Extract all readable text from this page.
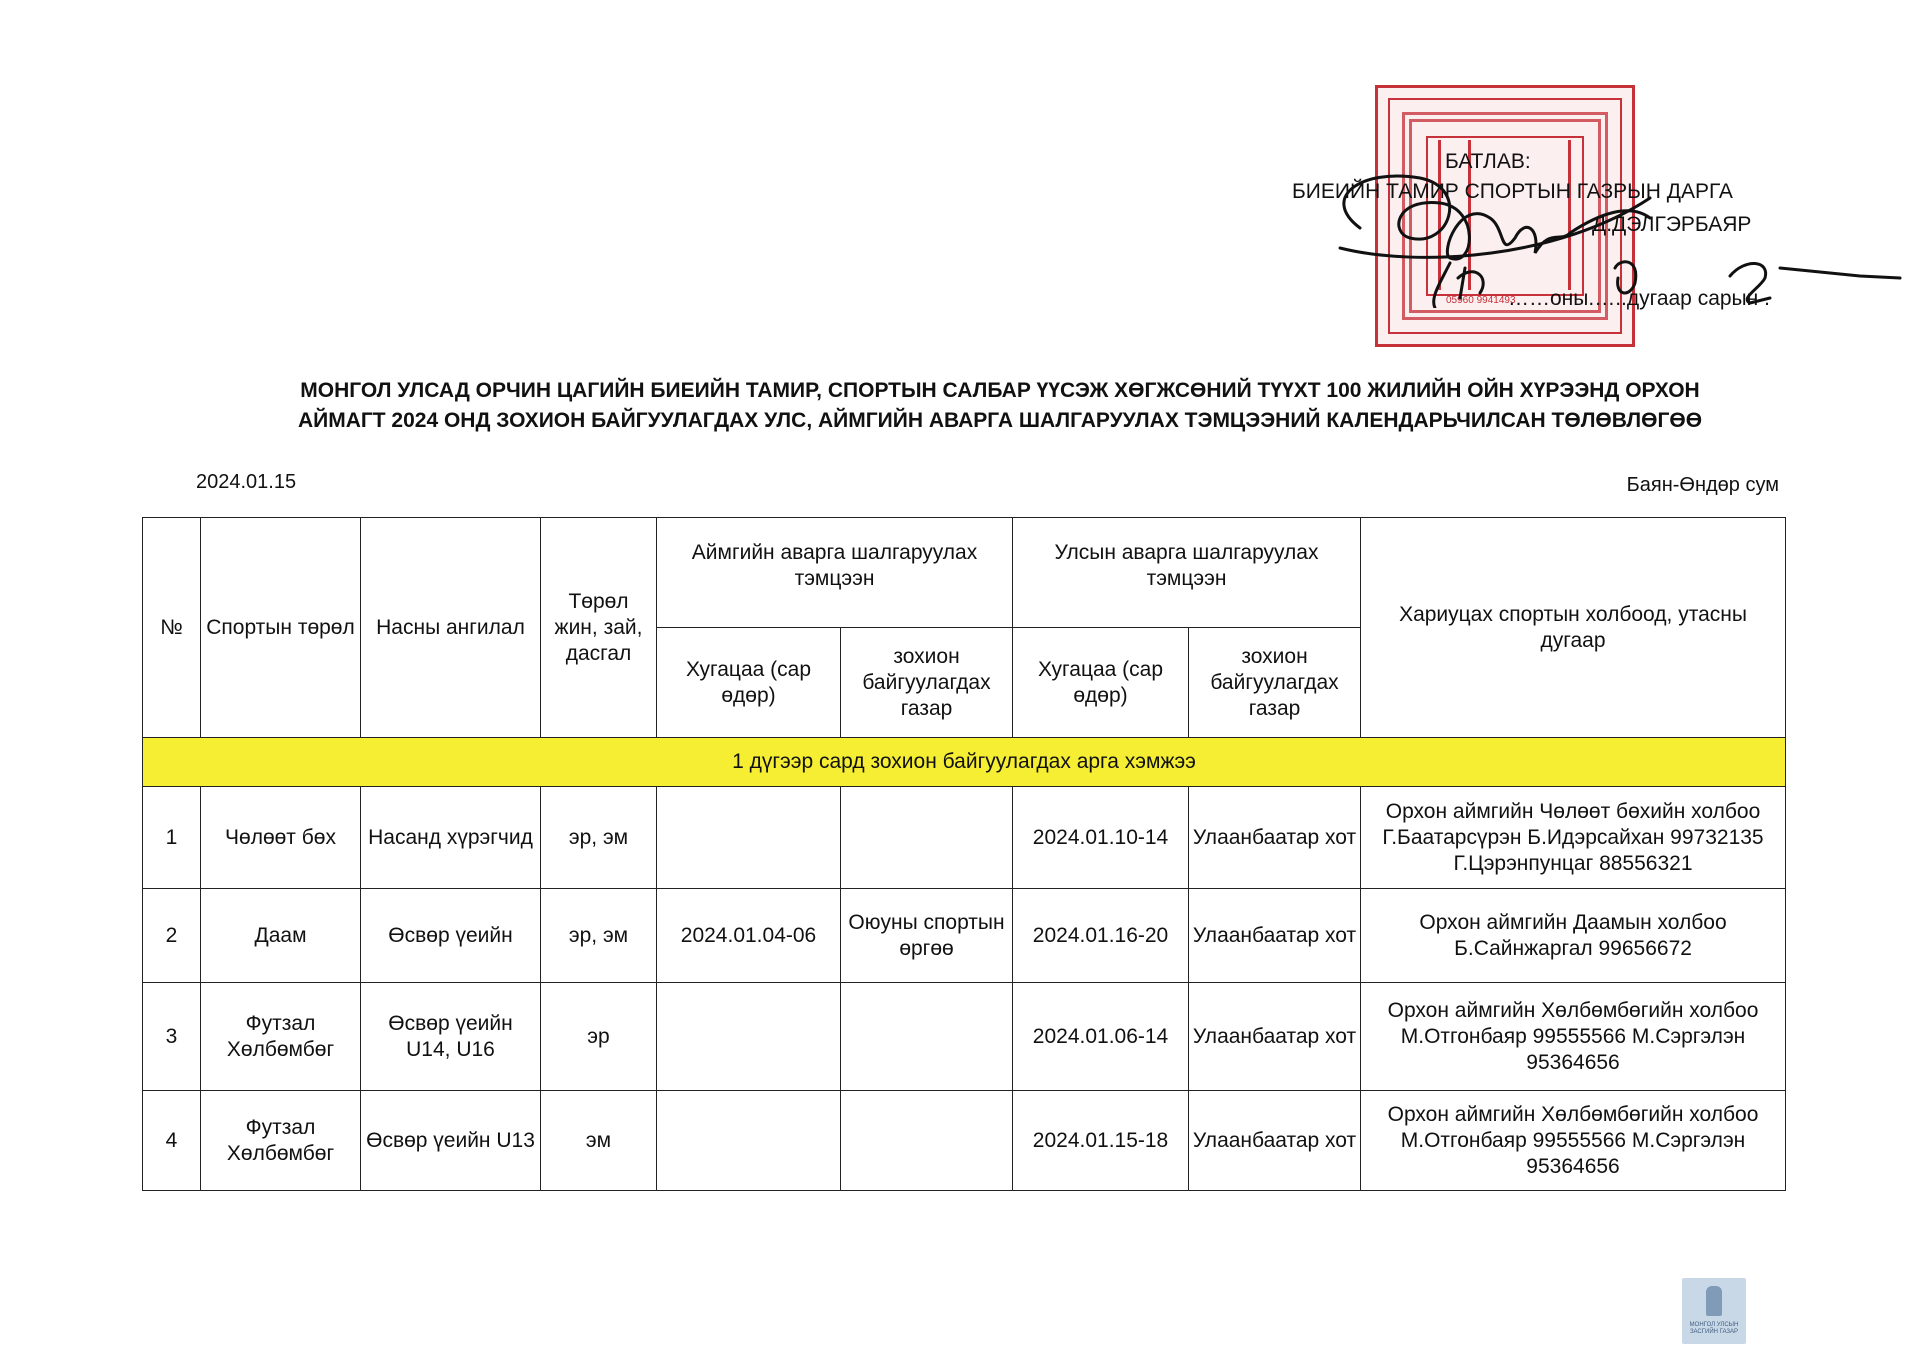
05960 9941493
БАТЛАВ:
БИЕИЙН ТАМИР СПОРТЫН ГАЗРЫН ДАРГА
Д.ДЭЛГЭРБАЯР
……оны.…..дугаар сарын .
МОНГОЛ УЛСАД ОРЧИН ЦАГИЙН БИЕИЙН ТАМИР, СПОРТЫН САЛБАР ҮҮСЭЖ ХӨГЖСӨНИЙ ТҮҮХТ 100 ЖИЛИЙН ОЙН ХҮРЭЭНД ОРХОН
АЙМАГТ 2024 ОНД ЗОХИОН БАЙГУУЛАГДАХ УЛС, АЙМГИЙН АВАРГА ШАЛГАРУУЛАХ ТЭМЦЭЭНИЙ КАЛЕНДАРЬЧИЛСАН ТӨЛӨВЛӨГӨӨ
2024.01.15	Баян-Өндөр сум
№	Спортын төрөл	Насны ангилал	Төрөл жин, зай, дасгал	Аймгийн аварга шалгаруулах тэмцээн		Улсын аварга шалгаруулах тэмцээн		Хариуцах спортын холбоод, утасны дугаар
				Хугацаа (сар өдөр)	зохион байгуулагдах газар	Хугацаа (сар өдөр)	зохион байгуулагдах газар	
1 дүгээр сард зохион байгуулагдах арга хэмжээ								
1	Чөлөөт бөх	Насанд хүрэгчид	эр, эм			2024.01.10-14	Улаанбаатар хот	Орхон аймгийн Чөлөөт бөхийн холбоо Г.Баатарсүрэн Б.Идэрсайхан 99732135 Г.Цэрэнпунцаг 88556321
2	Даам	Өсвөр үеийн	эр, эм	2024.01.04-06	Оюуны спортын өргөө	2024.01.16-20	Улаанбаатар хот	Орхон аймгийн Даамын холбоо Б.Сайнжаргал 99656672
3	Футзал Хөлбөмбөг	Өсвөр үеийн U14, U16	эр			2024.01.06-14	Улаанбаатар хот	Орхон аймгийн Хөлбөмбөгийн холбоо М.Отгонбаяр 99555566 М.Сэргэлэн 95364656
4	Футзал Хөлбөмбөг	Өсвөр үеийн U13	эм			2024.01.15-18	Улаанбаатар хот	Орхон аймгийн Хөлбөмбөгийн холбоо М.Отгонбаяр 99555566 М.Сэргэлэн 95364656
МОНГОЛ УЛСЫН
ЗАСГИЙН ГАЗАР
